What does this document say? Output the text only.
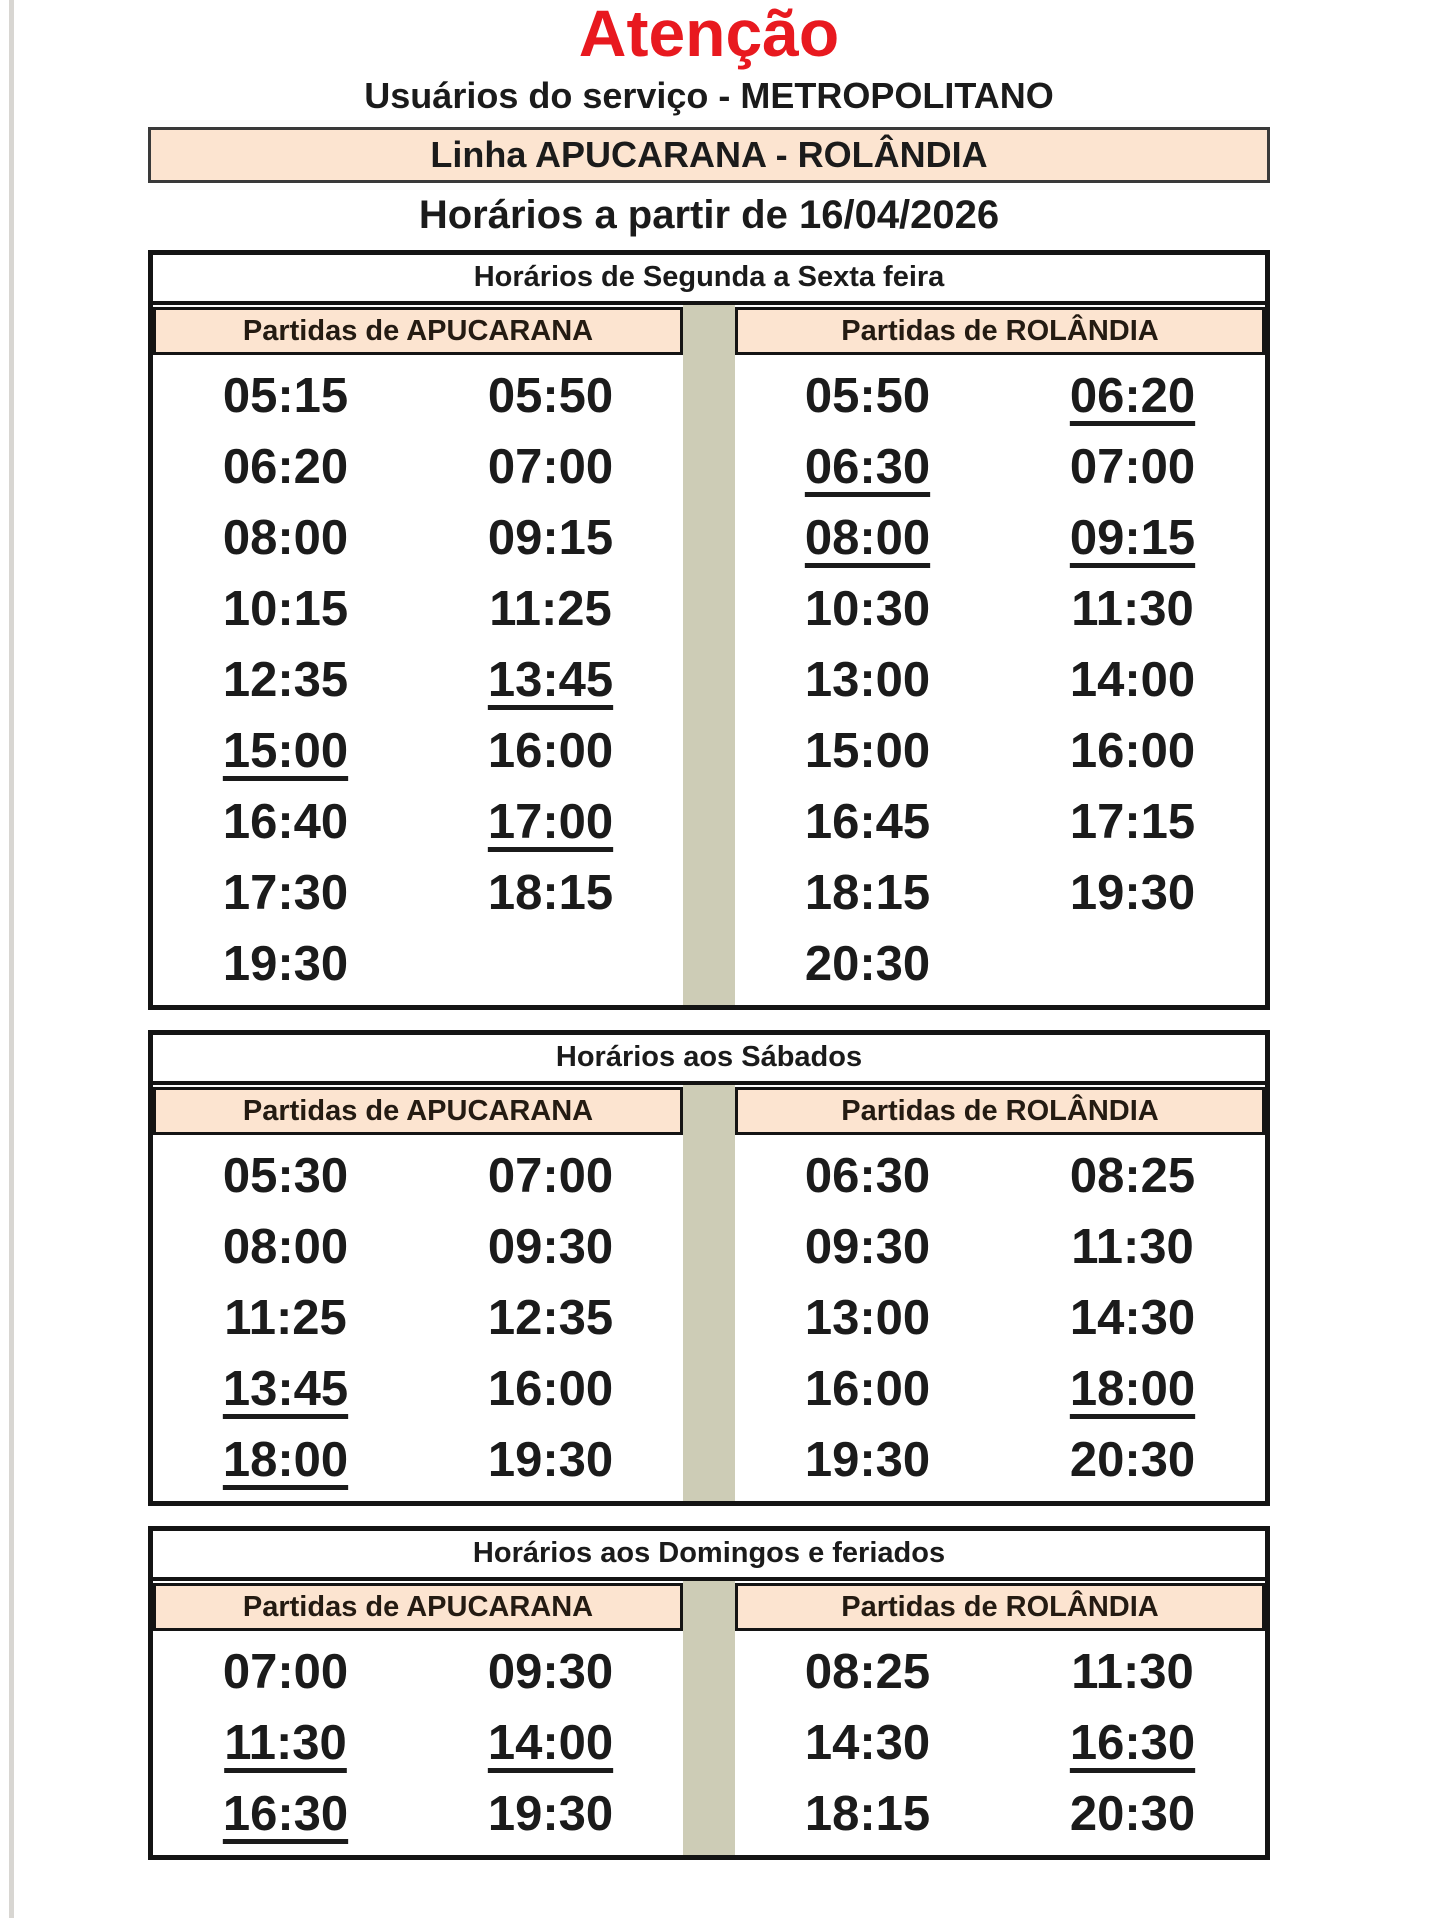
Atenção
Usuários do serviço - METROPOLITANO
Linha APUCARANA - ROLÂNDIA
Horários a partir de 16/04/2026
Horários de Segunda a Sexta feira
Partidas de APUCARANA
05:15	05:50
06:20	07:00
08:00	09:15
10:15	11:25
12:35	13:45
15:00	16:00
16:40	17:00
17:30	18:15
19:30
Partidas de ROLÂNDIA
05:50	06:20
06:30	07:00
08:00	09:15
10:30	11:30
13:00	14:00
15:00	16:00
16:45	17:15
18:15	19:30
20:30
Horários aos Sábados
Partidas de APUCARANA
05:30	07:00
08:00	09:30
11:25	12:35
13:45	16:00
18:00	19:30
Partidas de ROLÂNDIA
06:30	08:25
09:30	11:30
13:00	14:30
16:00	18:00
19:30	20:30
Horários aos Domingos e feriados
Partidas de APUCARANA
07:00	09:30
11:30	14:00
16:30	19:30
Partidas de ROLÂNDIA
08:25	11:30
14:30	16:30
18:15	20:30
